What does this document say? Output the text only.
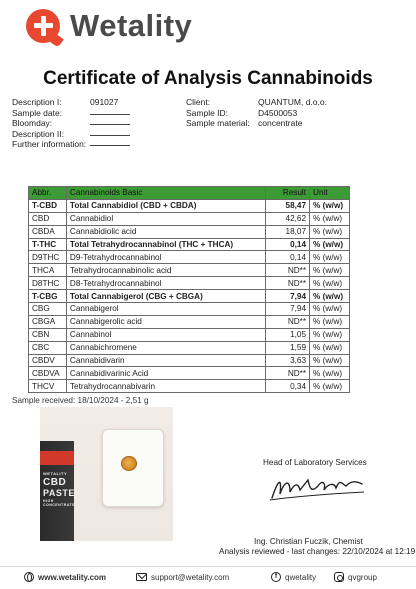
Wetality
Certificate of Analysis Cannabinoids
Description I:	091027
Sample date:
Bloomday:
Description II:
Further information:
Client:	QUANTUM, d.o.o.
Sample ID:	D4500053
Sample material: concentrate
Abbr.	Cannabinoids Basic	Result	Unit
T-CBD	Total Cannabidiol (CBD + CBDA)	58,47	% (w/w)
CBD	Cannabidiol	42,62	% (w/w)
CBDA	Cannabidiolic acid	18,07	% (w/w)
T-THC	Total Tetrahydrocannabinol (THC + THCA)	0,14	% (w/w)
D9THC	D9-Tetrahydrocannabinol	0,14	% (w/w)
THCA	Tetrahydrocannabinolic acid	ND**	% (w/w)
D8THC	D8-Tetrahydrocannabinol	ND**	% (w/w)
T-CBG	Total Cannabigerol (CBG + CBGA)	7,94	% (w/w)
CBG	Cannabigerol	7,94	% (w/w)
CBGA	Cannabigerolic acid	ND**	% (w/w)
CBN	Cannabinol	1,05	% (w/w)
CBC	Cannabichromene	1,59	% (w/w)
CBDV	Cannabidivarin	3,63	% (w/w)
CBDVA	Cannabidivarinic Acid	ND**	% (w/w)
THCV	Tetrahydrocannabivarin	0,34	% (w/w)
Sample received: 18/10/2024 - 2,51 g
WETALITY
CBD
PASTE
HIGH CONCENTRATE
Head of Laboratory Services
Ing. Christian Fuczik, Chemist
Analysis reviewed - last changes: 22/10/2024 at 12:19
www.wetality.com	support@wetality.com	f qwetality	qvgroup
